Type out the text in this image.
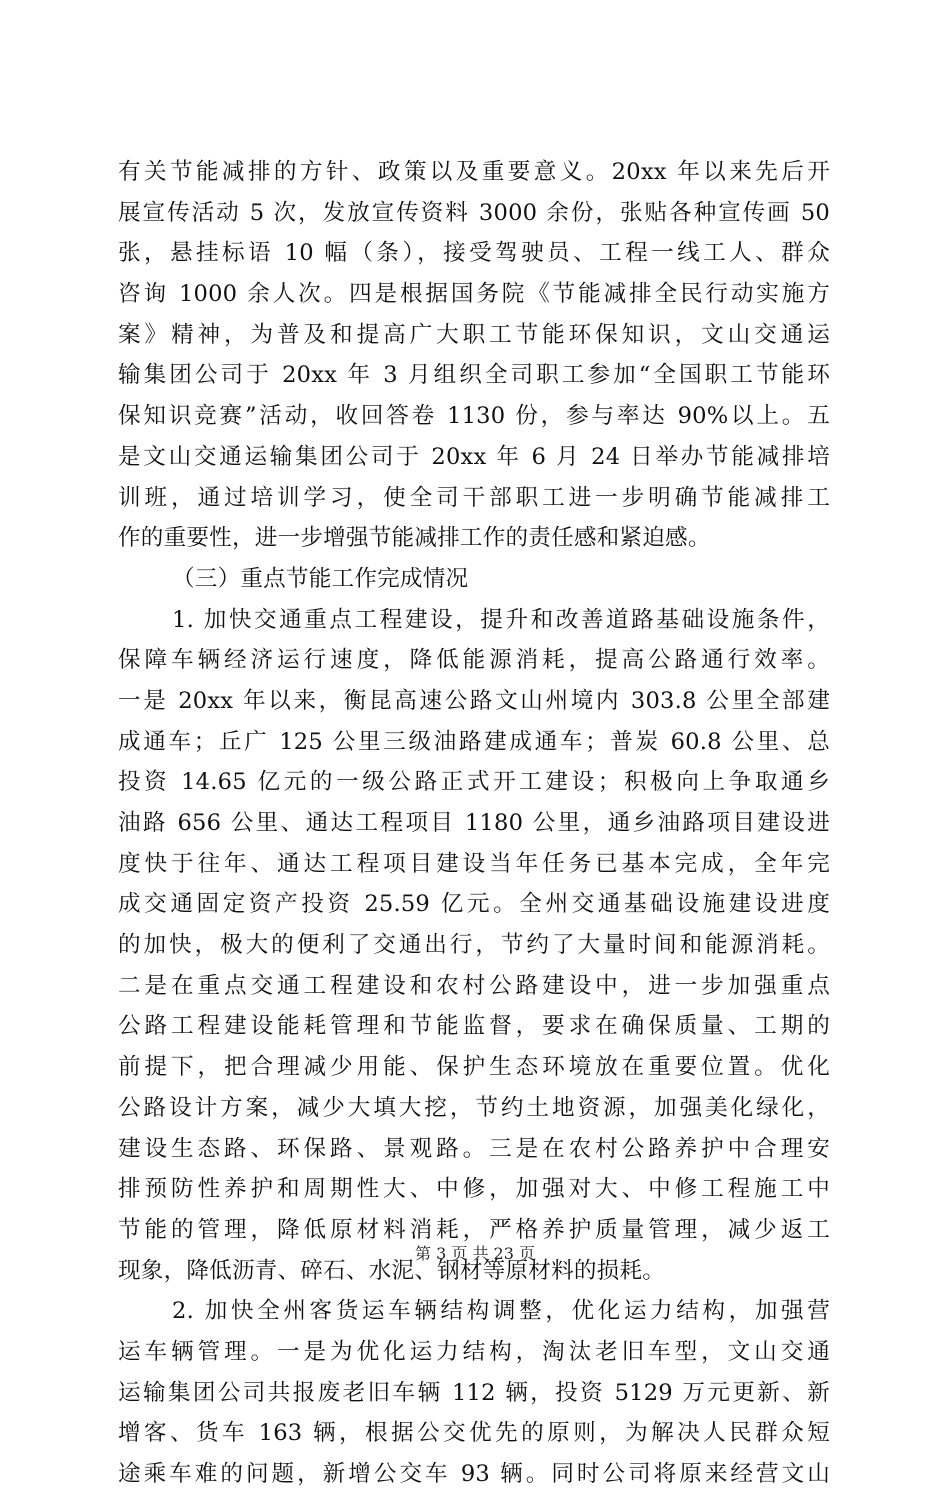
有关节能减排的方针、政策以及重要意义。20xx 年以来先后开
展宣传活动 5 次，发放宣传资料 3000 余份，张贴各种宣传画 50
张，悬挂标语 10 幅（条），接受驾驶员、工程一线工人、群众
咨询 1000 余人次。四是根据国务院《节能减排全民行动实施方
案》精神，为普及和提高广大职工节能环保知识，文山交通运
输集团公司于 20xx 年 3 月组织全司职工参加“全国职工节能环
保知识竞赛”活动，收回答卷 1130 份，参与率达 90%以上。五
是文山交通运输集团公司于 20xx 年 6 月 24 日举办节能减排培
训班，通过培训学习，使全司干部职工进一步明确节能减排工
作的重要性，进一步增强节能减排工作的责任感和紧迫感。
（三）重点节能工作完成情况
1. 加快交通重点工程建设，提升和改善道路基础设施条件，
保障车辆经济运行速度，降低能源消耗，提高公路通行效率。
一是 20xx 年以来，衡昆高速公路文山州境内 303.8 公里全部建
成通车；丘广 125 公里三级油路建成通车；普炭 60.8 公里、总
投资 14.65 亿元的一级公路正式开工建设；积极向上争取通乡
油路 656 公里、通达工程项目 1180 公里，通乡油路项目建设进
度快于往年、通达工程项目建设当年任务已基本完成，全年完
成交通固定资产投资 25.59 亿元。全州交通基础设施建设进度
的加快，极大的便利了交通出行，节约了大量时间和能源消耗。
二是在重点交通工程建设和农村公路建设中，进一步加强重点
公路工程建设能耗管理和节能监督，要求在确保质量、工期的
前提下，把合理减少用能、保护生态环境放在重要位置。优化
公路设计方案，减少大填大挖，节约土地资源，加强美化绿化，
建设生态路、环保路、景观路。三是在农村公路养护中合理安
排预防性养护和周期性大、中修，加强对大、中修工程施工中
节能的管理，降低原材料消耗，严格养护质量管理，减少返工
现象，降低沥青、碎石、水泥、钢材等原材料的损耗。
2. 加快全州客货运车辆结构调整，优化运力结构，加强营
运车辆管理。一是为优化运力结构，淘汰老旧车型，文山交通
运输集团公司共报废老旧车辆 112 辆，投资 5129 万元更新、新
增客、货车 163 辆，根据公交优先的原则，为解决人民群众短
途乘车难的问题，新增公交车 93 辆。同时公司将原来经营文山
第 3 页 共 23 页
